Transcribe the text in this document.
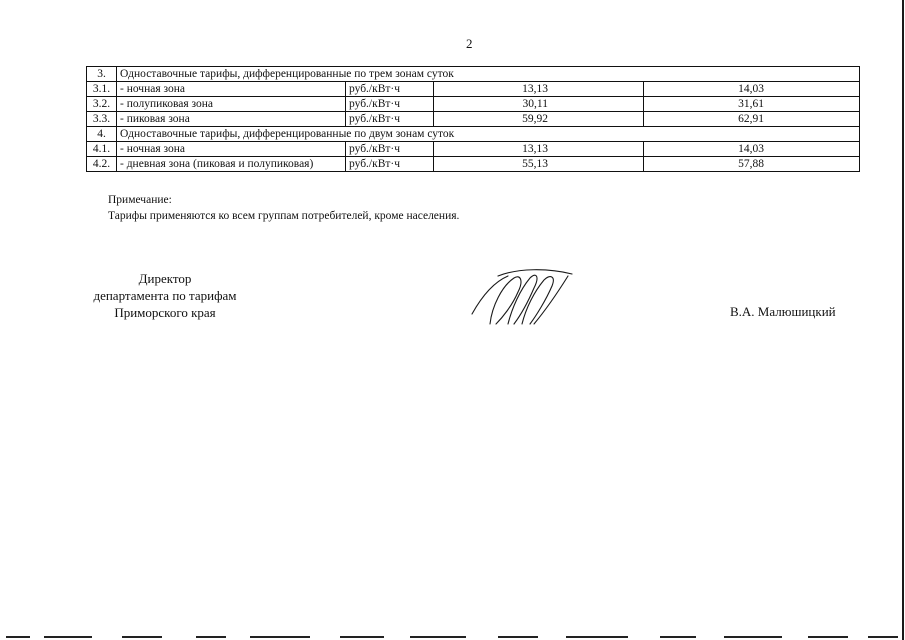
2
3.	Одноставочные тарифы, дифференцированные по трем зонам суток			
3.1.	- ночная зона	руб./кВт·ч	13,13	14,03
3.2.	- полупиковая зона	руб./кВт·ч	30,11	31,61
3.3.	- пиковая зона	руб./кВт·ч	59,92	62,91
4.	Одноставочные тарифы, дифференцированные по двум зонам суток			
4.1.	- ночная зона	руб./кВт·ч	13,13	14,03
4.2.	- дневная зона (пиковая и полупиковая)	руб./кВт·ч	55,13	57,88
Примечание:
Тарифы применяются ко всем группам потребителей, кроме населения.
Директор
департамента по тарифам
Приморского края	В.А. Малюшицкий
